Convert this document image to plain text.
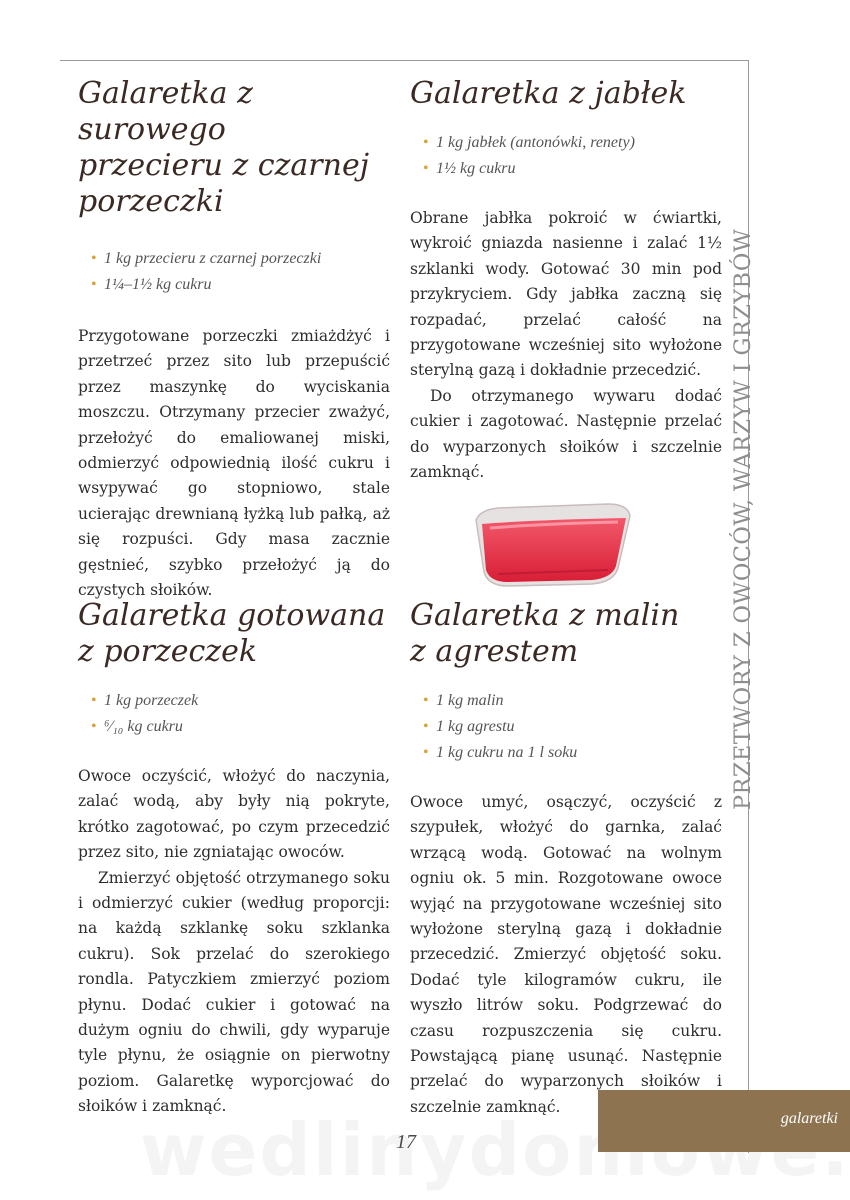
Galaretka z surowego
przecieru z czarnej
porzeczki
• 1 kg przecieru z czarnej porzeczki
• 1¼–1½ kg cukru

Przygotowane porzeczki zmiażdżyć i przetrzeć przez sito lub przepuścić przez maszynkę do wyciskania moszczu. Otrzymany przecier zważyć, przełożyć do emaliowanej miski, odmierzyć odpowiednią ilość cukru i wsypywać go stopniowo, stale ucierając drewnianą łyżką lub pałką, aż się rozpuści. Gdy masa zacznie gęstnieć, szybko przełożyć ją do czystych słoików.

Galaretka z jabłek
• 1 kg jabłek (antonówki, renety)
• 1½ kg cukru

Obrane jabłka pokroić w ćwiartki, wykroić gniazda nasienne i zalać 1½ szklanki wody. Gotować 30 min pod przykryciem. Gdy jabłka zaczną się rozpadać, przelać całość na przygotowane wcześniej sito wyłożone sterylną gazą i dokładnie przecedzić.

Do otrzymanego wywaru dodać cukier i zagotować. Następnie przelać do wyparzonych słoików i szczelnie zamknąć.

Galaretka gotowana
z porzeczek
• 1 kg porzeczek
• ⁶⁄₁₀ kg cukru

Owoce oczyścić, włożyć do naczynia, zalać wodą, aby były nią pokryte, krótko zagotować, po czym przecedzić przez sito, nie zgniatając owoców.

Zmierzyć objętość otrzymanego soku i odmierzyć cukier (według proporcji: na każdą szklankę soku szklanka cukru). Sok przelać do szerokiego rondla. Patyczkiem zmierzyć poziom płynu. Dodać cukier i gotować na dużym ogniu do chwili, gdy wyparuje tyle płynu, że osiągnie on pierwotny poziom. Galaretkę wyporcjować do słoików i zamknąć.

Galaretka z malin
z agrestem
• 1 kg malin
• 1 kg agrestu
• 1 kg cukru na 1 l soku

Owoce umyć, osączyć, oczyścić z szypułek, włożyć do garnka, zalać wrzącą wodą. Gotować na wolnym ogniu ok. 5 min. Rozgotowane owoce wyjąć na przygotowane wcześniej sito wyłożone sterylną gazą i dokładnie przecedzić. Zmierzyć objętość soku. Dodać tyle kilogramów cukru, ile wyszło litrów soku. Podgrzewać do czasu rozpuszczenia się cukru. Powstającą pianę usunąć. Następnie przelać do wyparzonych słoików i szczelnie zamknąć.

PRZETWORY Z OWOCÓW, WARZYW I GRZYBÓW
17
galaretki
